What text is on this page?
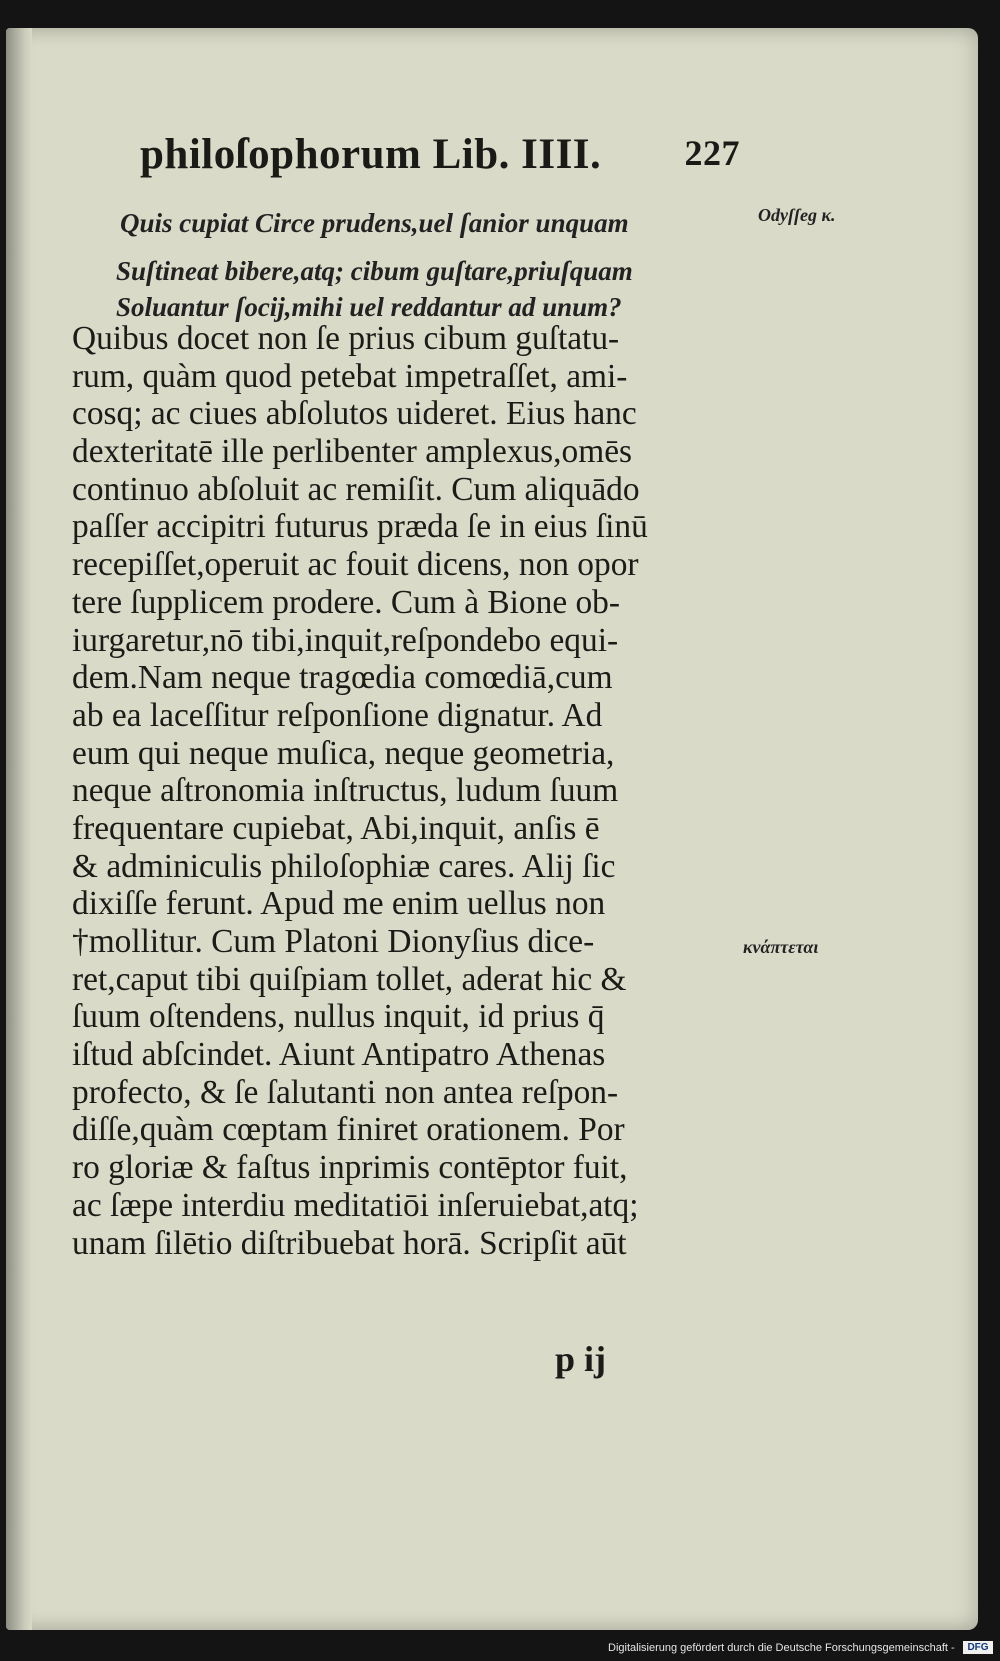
philoſophorum Lib. IIII. 227
Quis cupiat Circe prudens,uel ſanior unquam
Suſtineat bibere,atq; cibum guſtare,priuſquam
Soluantur ſocij,mihi uel reddantur ad unum?
Odyſſeg κ.
κνάπτεται
Quibus docet non ſe prius cibum guſtatu-
rum, quàm quod petebat impetraſſet, ami-
cosq; ac ciues abſolutos uideret. Eius hanc
dexteritatē ille perlibenter amplexus,omēs
continuo abſoluit ac remiſit. Cum aliquādo
paſſer accipitri futurus præda ſe in eius ſinū
recepiſſet,operuit ac fouit dicens, non opor
tere ſupplicem prodere. Cum à Bione ob-
iurgaretur,nō tibi,inquit,reſpondebo equi-
dem.Nam neque tragœdia comœdiā,cum
ab ea laceſſitur reſponſione dignatur. Ad
eum qui neque muſica, neque geometria,
neque aſtronomia inſtructus, ludum ſuum
frequentare cupiebat, Abi,inquit, anſis ē
& adminiculis philoſophiæ cares. Alij ſic
dixiſſe ferunt. Apud me enim uellus non
†mollitur. Cum Platoni Dionyſius dice-
ret,caput tibi quiſpiam tollet, aderat hic &
ſuum oſtendens, nullus inquit, id prius q̄
iſtud abſcindet. Aiunt Antipatro Athenas
profecto, & ſe ſalutanti non antea reſpon-
diſſe,quàm cœptam finiret orationem. Por
ro gloriæ & faſtus inprimis contēptor fuit,
ac ſæpe interdiu meditatiōi inſeruiebat,atq;
unam ſilētio diſtribuebat horā. Scripſit aūt
p ij
Digitalisierung gefördert durch die Deutsche Forschungsgemeinschaft -	DFG
